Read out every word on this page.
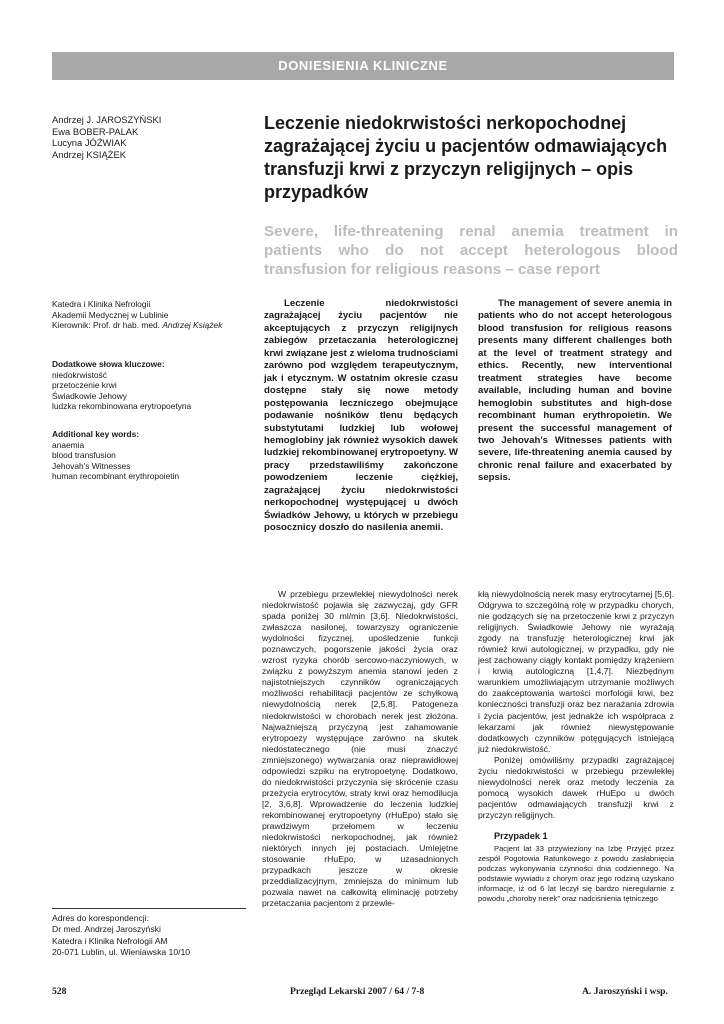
DONIESIENIA KLINICZNE
Andrzej J. JAROSZYŃSKI
Ewa BOBER-PALAK
Lucyna JÓŹWIAK
Andrzej KSIĄŻEK
Leczenie niedokrwistości nerkopochodnej zagrażającej życiu u pacjentów odmawiających transfuzji krwi z przyczyn religijnych – opis przypadków
Severe, life-threatening renal anemia treatment in patients who do not accept heterologous blood transfusion for religious reasons – case report
Katedra i Klinika Nefrologii
Akademii Medycznej w Lublinie
Kierownik: Prof. dr hab. med. Andrzej Książek
Dodatkowe słowa kluczowe:
niedokrwistość
przetoczenie krwi
Świadkowie Jehowy
ludzka rekombinowana erytropoetyna
Additional key words:
anaemia
blood transfusion
Jehovah's Witnesses
human recombinant erythropoietin

Leczenie niedokrwistości zagrażającej życiu pacjentów nie akceptujących z przyczyn religijnych zabiegów przetaczania heterologicznej krwi związane jest z wieloma trudnościami zarówno pod względem terapeutycznym, jak i etycznym. W ostatnim okresie czasu dostępne stały się nowe metody postępowania leczniczego obejmujące podawanie nośników tlenu będących substytutami ludzkiej lub wołowej hemoglobiny jak również wysokich dawek ludzkiej rekombinowanej erytropoetyny. W pracy przedstawiliśmy zakończone powodzeniem leczenie ciężkiej, zagrażającej życiu niedokrwistości nerkopochodnej występującej u dwóch Świadków Jehowy, u których w przebiegu posocznicy doszło do nasilenia anemii.

The management of severe anemia in patients who do not accept heterologous blood transfusion for religious reasons presents many different challenges both at the level of treatment strategy and ethics. Recently, new interventional treatment strategies have become available, including human and bovine hemoglobin substitutes and high-dose recombinant human erythropoietin. We present the successful management of two Jehovah's Witnesses patients with severe, life-threatening anemia caused by chronic renal failure and exacerbated by sepsis.

W przebiegu przewlekłej niewydolności nerek niedokrwistość pojawia się zazwyczaj, gdy GFR spada poniżej 30 ml/min [3,6]. Niedokrwistości, zwłaszcza nasilonej, towarzyszy ograniczenie wydolności fizycznej, upośledzenie funkcji poznawczych, pogorszenie jakości życia oraz wzrost ryzyka chorób sercowo-naczyniowych, w związku z powyższym anemia stanowi jeden z najistotniejszych czynników ograniczających możliwości rehabilitacji pacjentów ze schyłkową niewydolnością nerek [2,5,8]. Patogeneza niedokrwistości w chorobach nerek jest złożona. Najważniejszą przyczyną jest zahamowanie erytropoezy występujące zarówno na skutek niedostatecznego (nie musi znaczyć zmniejszonego) wytwarzania oraz nieprawidłowej odpowiedzi szpiku na erytropoetynę. Dodatkowo, do niedokrwistości przyczynia się skrócenie czasu przeżycia erytrocytów, straty krwi oraz hemodilucja [2, 3,6,8]. Wprowadzenie do leczenia ludzkiej rekombinowanej erytropoetyny (rHuEpo) stało się prawdziwym przełomem w leczeniu niedokrwistości nerkopochodnej, jak również niektórych innych jej postaciach. Umiejętne stosowanie rHuEpo, w uzasadnionych przypadkach jeszcze w okresie przeddializacyjnym, zmniejsza do minimum lub pozwala nawet na całkowitą eliminację potrzeby przetaczania pacjentom z przewle-

kłą niewydolnością nerek masy erytrocytarnej [5,6]. Odgrywa to szczególną rolę w przypadku chorych, nie godzących się na przetoczenie krwi z przyczyn religijnych. Świadkowie Jehowy nie wyrażają zgody na transfuzję heterologicznej krwi jak również krwi autologicznej, w przypadku, gdy nie jest zachowany ciągły kontakt pomiędzy krążeniem i krwią autologiczną [1,4,7]. Niezbędnym warunkiem umożliwiającym utrzymanie możliwych do zaakceptowania wartości morfologii krwi, bez konieczności transfuzji oraz bez narażania zdrowia i życia pacjentów, jest jednakże ich współpraca z lekarzami jak również niewystępowanie dodatkowych czynników potęgujących istniejącą już niedokrwistość.

Poniżej omówiliśmy przypadki zagrażającej życiu niedokrwistości w przebiegu przewlekłej niewydolności nerek oraz metody leczenia za pomocą wysokich dawek rHuEpo u dwóch pacjentów odmawiających transfuzji krwi z przyczyn religijnych.

Przypadek 1

Pacjent lat 33 przywieziony na Izbę Przyjęć przez zespół Pogotowia Ratunkowego z powodu zasłabnięcia podczas wykonywania czynności dnia codziennego. Na podstawie wywiadu z chorym oraz jego rodziną uzyskano informacje, iż od 6 lat leczył się bardzo nieregularnie z powodu „choroby nerek” oraz nadciśnienia tętniczego

Adres do korespondencji:
Dr med. Andrzej Jaroszyński
Katedra i Klinika Nefrologii AM
20-071 Lublin, ul. Wieniawska 10/10
528	Przegląd Lekarski 2007 / 64 / 7-8	A. Jaroszyński i wsp.
